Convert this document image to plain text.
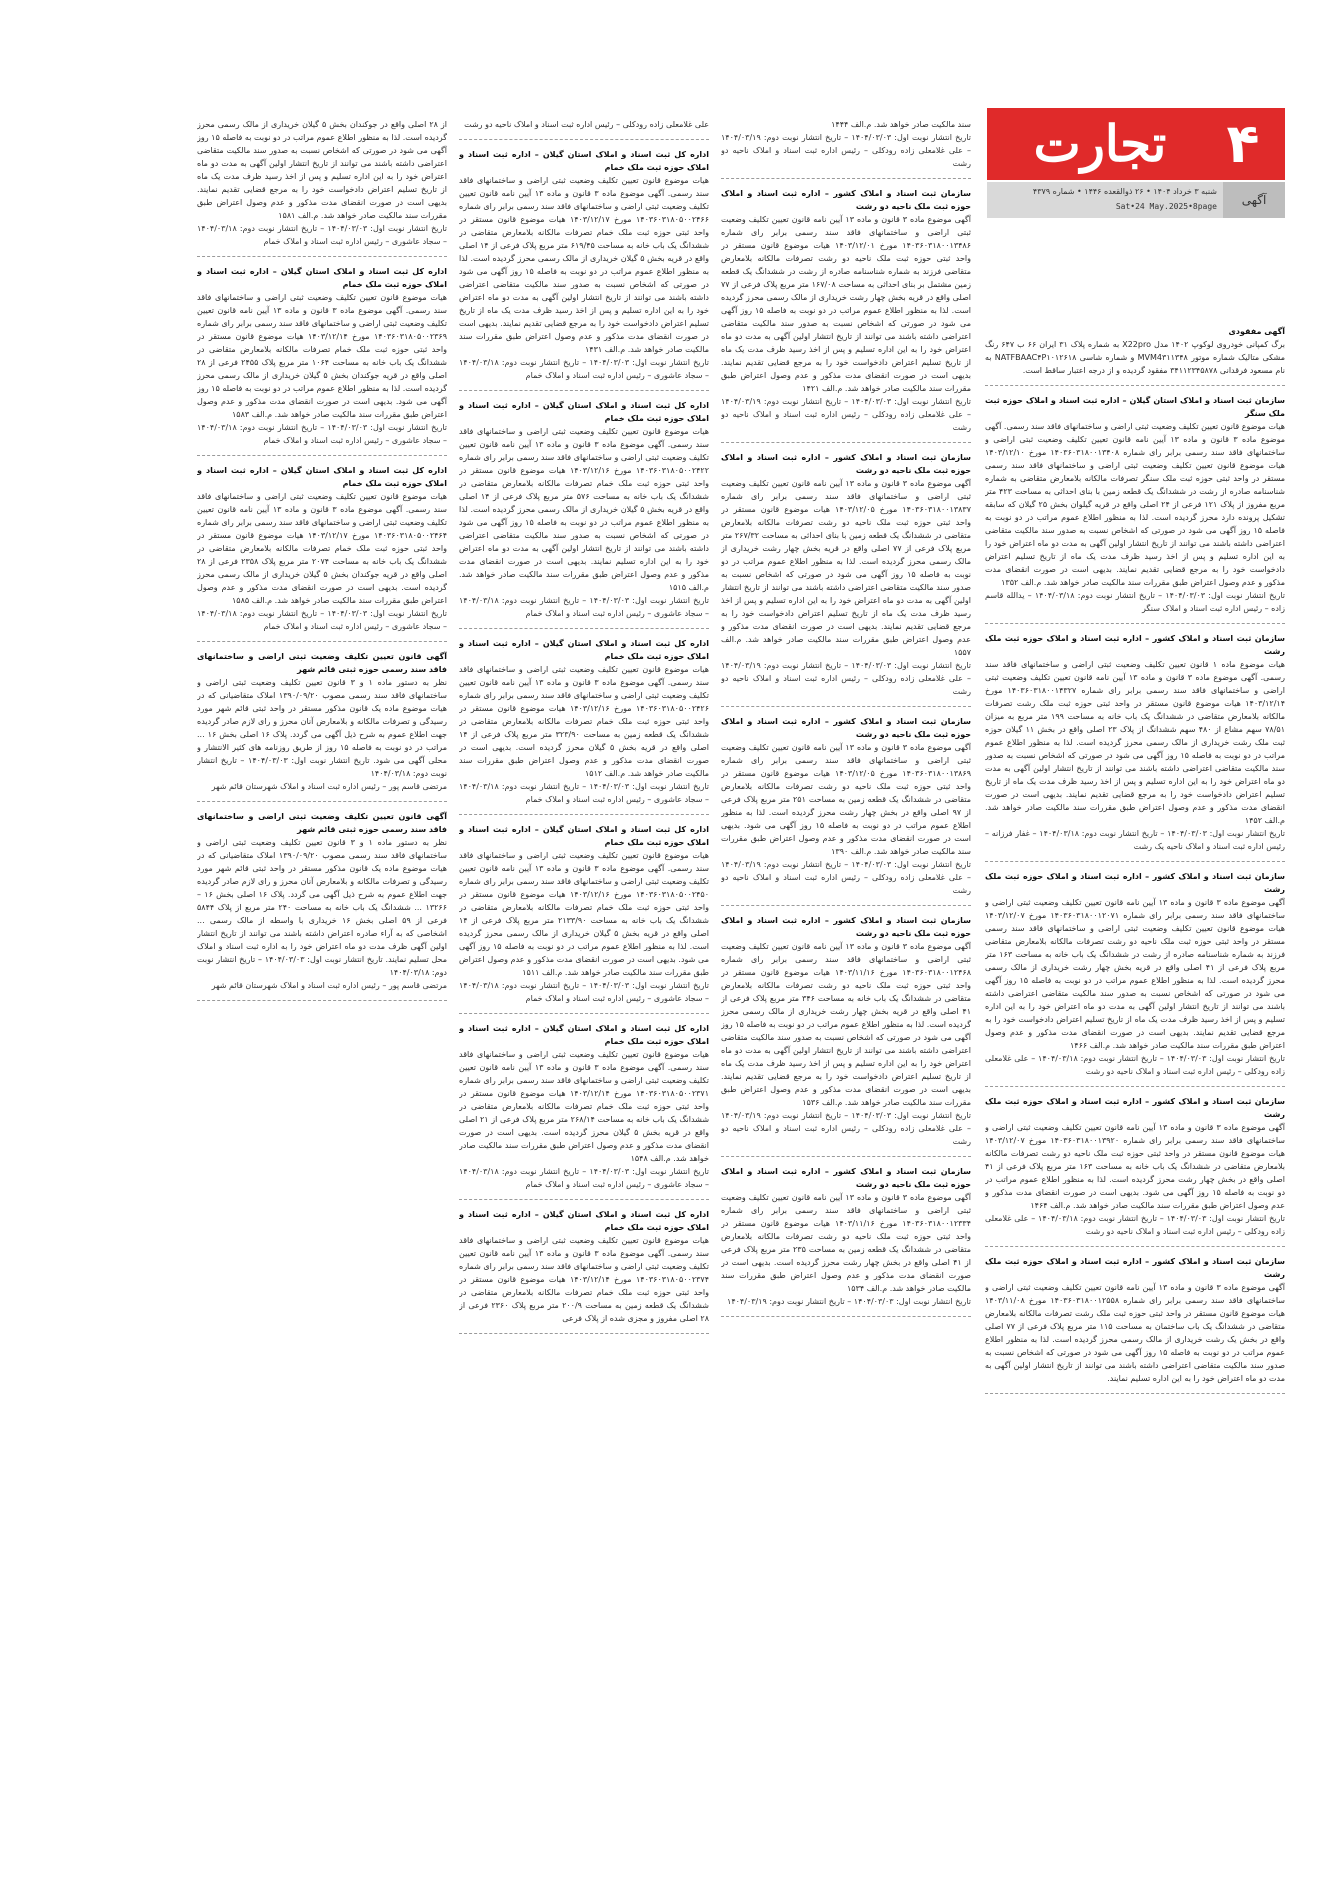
۴
تجارت
آگهی
شنبه ۳ خرداد ۱۴۰۴ • ۲۶ ذوالقعده ۱۴۴۶ • شماره ۴۳۷۹
Sat•24 May.2025•8page

آگهی مفقودی

برگ کمپانی خودروی لوکوپ ۱۴۰۲ مدل X22pro به شماره پلاک ۳۱ ایران ۶۶ ب ۶۴۷ رنگ مشکی متالیک شماره موتور MVM4۳۱۱۳۴۸ و شماره شاسی NATFBAAC۴P۱۰۱۲۶۱۸ به نام مسعود فرقدانی ۳۴۱۱۲۳۴۵۸۷۸ مفقود گردیده و از درجه اعتبار ساقط است.

سازمان ثبت اسناد و املاک استان گیلان – اداره ثبت اسناد و املاک حوزه ثبت ملک سنگر

هیات موضوع قانون تعیین تکلیف وضعیت ثبتی اراضی و ساختمانهای فاقد سند رسمی. آگهی موضوع ماده ۳ قانون و ماده ۱۳ آیین نامه قانون تعیین تکلیف وضعیت ثبتی اراضی و ساختمانهای فاقد سند رسمی برابر رای شماره ۱۴۰۳۶۰۳۱۸۰۰۱۳۴۰۸ مورخ ۱۴۰۳/۱۲/۱۰ هیات موضوع قانون تعیین تکلیف وضعیت ثبتی اراضی و ساختمانهای فاقد سند رسمی مستقر در واحد ثبتی حوزه ثبت ملک سنگر تصرفات مالکانه بلامعارض متقاضی به شماره شناسنامه صادره از رشت در ششدانگ یک قطعه زمین با بنای احداثی به مساحت ۴۲۳ متر مربع مفروز از پلاک ۱۲۱ فرعی از ۲۴ اصلی واقع در قریه گیلوان بخش ۲۵ گیلان که سابقه تشکیل پرونده دارد محرز گردیده است. لذا به منظور اطلاع عموم مراتب در دو نوبت به فاصله ۱۵ روز آگهی می شود در صورتی که اشخاص نسبت به صدور سند مالکیت متقاضی اعتراضی داشته باشند می توانند از تاریخ انتشار اولین آگهی به مدت دو ماه اعتراض خود را به این اداره تسلیم و پس از اخذ رسید ظرف مدت یک ماه از تاریخ تسلیم اعتراض دادخواست خود را به مرجع قضایی تقدیم نمایند. بدیهی است در صورت انقضای مدت مذکور و عدم وصول اعتراض طبق مقررات سند مالکیت صادر خواهد شد. م.الف ۱۳۵۲

تاریخ انتشار نوبت اول: ۱۴۰۴/۰۳/۰۳ – تاریخ انتشار نوبت دوم: ۱۴۰۴/۰۳/۱۸ – یدالله قاسم زاده – رئیس اداره ثبت اسناد و املاک سنگر

سازمان ثبت اسناد و املاک کشور – اداره ثبت اسناد و املاک حوزه ثبت ملک رشت

هیات موضوع ماده ۱ قانون تعیین تکلیف وضعیت ثبتی اراضی و ساختمانهای فاقد سند رسمی. آگهی موضوع ماده ۳ قانون و ماده ۱۳ آیین نامه قانون تعیین تکلیف وضعیت ثبتی اراضی و ساختمانهای فاقد سند رسمی برابر رای شماره ۱۴۰۳۶۰۳۱۸۰۰۱۴۳۲۷ مورخ ۱۴۰۳/۱۲/۱۴ هیات موضوع قانون مستقر در واحد ثبتی حوزه ثبت ملک رشت تصرفات مالکانه بلامعارض متقاضی در ششدانگ یک باب خانه به مساحت ۱۹۹ متر مربع به میزان ۷۸/۵۱ سهم مشاع از ۴۸۰ سهم ششدانگ از پلاک ۲۳ اصلی واقع در بخش ۱۱ گیلان حوزه ثبت ملک رشت خریداری از مالک رسمی محرز گردیده است. لذا به منظور اطلاع عموم مراتب در دو نوبت به فاصله ۱۵ روز آگهی می شود در صورتی که اشخاص نسبت به صدور سند مالکیت متقاضی اعتراضی داشته باشند می توانند از تاریخ انتشار اولین آگهی به مدت دو ماه اعتراض خود را به این اداره تسلیم و پس از اخذ رسید ظرف مدت یک ماه از تاریخ تسلیم اعتراض دادخواست خود را به مرجع قضایی تقدیم نمایند. بدیهی است در صورت انقضای مدت مذکور و عدم وصول اعتراض طبق مقررات سند مالکیت صادر خواهد شد. م.الف ۱۴۵۲

تاریخ انتشار نوبت اول: ۱۴۰۴/۰۳/۰۳ – تاریخ انتشار نوبت دوم: ۱۴۰۴/۰۳/۱۸ – غفار فرزانه – رئیس اداره ثبت اسناد و املاک ناحیه یک رشت

سازمان ثبت اسناد و املاک کشور – اداره ثبت اسناد و املاک حوزه ثبت ملک رشت

آگهی موضوع ماده ۳ قانون و ماده ۱۳ آیین نامه قانون تعیین تکلیف وضعیت ثبتی اراضی و ساختمانهای فاقد سند رسمی برابر رای شماره ۱۴۰۳۶۰۳۱۸۰۰۱۲۰۷۱ مورخ ۱۴۰۳/۱۲/۰۷ هیات موضوع قانون تعیین تکلیف وضعیت ثبتی اراضی و ساختمانهای فاقد سند رسمی مستقر در واحد ثبتی حوزه ثبت ملک ناحیه دو رشت تصرفات مالکانه بلامعارض متقاضی فرزند به شماره شناسنامه صادره از رشت در ششدانگ یک باب خانه به مساحت ۱۶۳ متر مربع پلاک فرعی از ۴۱ اصلی واقع در قریه بخش چهار رشت خریداری از مالک رسمی محرز گردیده است. لذا به منظور اطلاع عموم مراتب در دو نوبت به فاصله ۱۵ روز آگهی می شود در صورتی که اشخاص نسبت به صدور سند مالکیت متقاضی اعتراضی داشته باشند می توانند از تاریخ انتشار اولین آگهی به مدت دو ماه اعتراض خود را به این اداره تسلیم و پس از اخذ رسید ظرف مدت یک ماه از تاریخ تسلیم اعتراض دادخواست خود را به مرجع قضایی تقدیم نمایند. بدیهی است در صورت انقضای مدت مذکور و عدم وصول اعتراض طبق مقررات سند مالکیت صادر خواهد شد. م.الف ۱۴۶۶

تاریخ انتشار نوبت اول: ۱۴۰۴/۰۳/۰۳ – تاریخ انتشار نوبت دوم: ۱۴۰۴/۰۳/۱۸ – علی غلامعلی زاده رودکلی – رئیس اداره ثبت اسناد و املاک ناحیه دو رشت

سازمان ثبت اسناد و املاک کشور – اداره ثبت اسناد و املاک حوزه ثبت ملک رشت

آگهی موضوع ماده ۳ قانون و ماده ۱۳ آیین نامه قانون تعیین تکلیف وضعیت ثبتی اراضی و ساختمانهای فاقد سند رسمی برابر رای شماره ۱۴۰۳۶۰۳۱۸۰۰۱۳۹۲۰ مورخ ۱۴۰۳/۱۲/۰۷ هیات موضوع قانون مستقر در واحد ثبتی حوزه ثبت ملک ناحیه دو رشت تصرفات مالکانه بلامعارض متقاضی در ششدانگ یک باب خانه به مساحت ۱۶۳ متر مربع پلاک فرعی از ۴۱ اصلی واقع در بخش چهار رشت محرز گردیده است. لذا به منظور اطلاع عموم مراتب در دو نوبت به فاصله ۱۵ روز آگهی می شود. بدیهی است در صورت انقضای مدت مذکور و عدم وصول اعتراض طبق مقررات سند مالکیت صادر خواهد شد. م.الف ۱۴۶۴

تاریخ انتشار نوبت اول: ۱۴۰۴/۰۳/۰۳ – تاریخ انتشار نوبت دوم: ۱۴۰۴/۰۳/۱۸ – علی غلامعلی زاده رودکلی – رئیس اداره ثبت اسناد و املاک ناحیه دو رشت

سازمان ثبت اسناد و املاک کشور – اداره ثبت اسناد و املاک حوزه ثبت ملک رشت

آگهی موضوع ماده ۳ قانون و ماده ۱۳ آیین نامه قانون تعیین تکلیف وضعیت ثبتی اراضی و ساختمانهای فاقد سند رسمی برابر رای شماره ۱۴۰۳۶۰۳۱۸۰۰۱۲۵۵۸ مورخ ۱۴۰۳/۱۱/۰۸ هیات موضوع قانون مستقر در واحد ثبتی حوزه ثبت ملک رشت تصرفات مالکانه بلامعارض متقاضی در ششدانگ یک باب ساختمان به مساحت ۱۱۵ متر مربع پلاک فرعی از ۷۷ اصلی واقع در بخش یک رشت خریداری از مالک رسمی محرز گردیده است. لذا به منظور اطلاع عموم مراتب در دو نوبت به فاصله ۱۵ روز آگهی می شود در صورتی که اشخاص نسبت به صدور سند مالکیت متقاضی اعتراضی داشته باشند می توانند از تاریخ انتشار اولین آگهی به مدت دو ماه اعتراض خود را به این اداره تسلیم نمایند.

سند مالکیت صادر خواهد شد. م.الف ۱۴۴۴

تاریخ انتشار نوبت اول: ۱۴۰۴/۰۳/۰۳ – تاریخ انتشار نوبت دوم: ۱۴۰۴/۰۳/۱۹ – علی غلامعلی زاده رودکلی – رئیس اداره ثبت اسناد و املاک ناحیه دو رشت

سازمان ثبت اسناد و املاک کشور – اداره ثبت اسناد و املاک حوزه ثبت ملک ناحیه دو رشت

آگهی موضوع ماده ۳ قانون و ماده ۱۳ آیین نامه قانون تعیین تکلیف وضعیت ثبتی اراضی و ساختمانهای فاقد سند رسمی برابر رای شماره ۱۴۰۳۶۰۳۱۸۰۰۱۳۴۸۶ مورخ ۱۴۰۳/۱۲/۰۱ هیات موضوع قانون مستقر در واحد ثبتی حوزه ثبت ملک ناحیه دو رشت تصرفات مالکانه بلامعارض متقاضی فرزند به شماره شناسنامه صادره از رشت در ششدانگ یک قطعه زمین مشتمل بر بنای احداثی به مساحت ۱۶۷/۰۸ متر مربع پلاک فرعی از ۷۷ اصلی واقع در قریه بخش چهار رشت خریداری از مالک رسمی محرز گردیده است. لذا به منظور اطلاع عموم مراتب در دو نوبت به فاصله ۱۵ روز آگهی می شود در صورتی که اشخاص نسبت به صدور سند مالکیت متقاضی اعتراضی داشته باشند می توانند از تاریخ انتشار اولین آگهی به مدت دو ماه اعتراض خود را به این اداره تسلیم و پس از اخذ رسید ظرف مدت یک ماه از تاریخ تسلیم اعتراض دادخواست خود را به مرجع قضایی تقدیم نمایند. بدیهی است در صورت انقضای مدت مذکور و عدم وصول اعتراض طبق مقررات سند مالکیت صادر خواهد شد. م.الف ۱۴۲۱

تاریخ انتشار نوبت اول: ۱۴۰۴/۰۳/۰۳ – تاریخ انتشار نوبت دوم: ۱۴۰۴/۰۳/۱۹ – علی غلامعلی زاده رودکلی – رئیس اداره ثبت اسناد و املاک ناحیه دو رشت

سازمان ثبت اسناد و املاک کشور – اداره ثبت اسناد و املاک حوزه ثبت ملک ناحیه دو رشت

آگهی موضوع ماده ۳ قانون و ماده ۱۳ آیین نامه قانون تعیین تکلیف وضعیت ثبتی اراضی و ساختمانهای فاقد سند رسمی برابر رای شماره ۱۴۰۳۶۰۳۱۸۰۰۱۳۸۳۷ مورخ ۱۴۰۳/۱۲/۰۵ هیات موضوع قانون مستقر در واحد ثبتی حوزه ثبت ملک ناحیه دو رشت تصرفات مالکانه بلامعارض متقاضی در ششدانگ یک قطعه زمین با بنای احداثی به مساحت ۲۶۷/۳۲ متر مربع پلاک فرعی از ۷۷ اصلی واقع در قریه بخش چهار رشت خریداری از مالک رسمی محرز گردیده است. لذا به منظور اطلاع عموم مراتب در دو نوبت به فاصله ۱۵ روز آگهی می شود در صورتی که اشخاص نسبت به صدور سند مالکیت متقاضی اعتراضی داشته باشند می توانند از تاریخ انتشار اولین آگهی به مدت دو ماه اعتراض خود را به این اداره تسلیم و پس از اخذ رسید ظرف مدت یک ماه از تاریخ تسلیم اعتراض دادخواست خود را به مرجع قضایی تقدیم نمایند. بدیهی است در صورت انقضای مدت مذکور و عدم وصول اعتراض طبق مقررات سند مالکیت صادر خواهد شد. م.الف ۱۵۵۷

تاریخ انتشار نوبت اول: ۱۴۰۴/۰۳/۰۳ – تاریخ انتشار نوبت دوم: ۱۴۰۴/۰۳/۱۹ – علی غلامعلی زاده رودکلی – رئیس اداره ثبت اسناد و املاک ناحیه دو رشت

سازمان ثبت اسناد و املاک کشور – اداره ثبت اسناد و املاک حوزه ثبت ملک ناحیه دو رشت

آگهی موضوع ماده ۳ قانون و ماده ۱۳ آیین نامه قانون تعیین تکلیف وضعیت ثبتی اراضی و ساختمانهای فاقد سند رسمی برابر رای شماره ۱۴۰۳۶۰۳۱۸۰۰۱۳۸۶۹ مورخ ۱۴۰۳/۱۲/۰۵ هیات موضوع قانون مستقر در واحد ثبتی حوزه ثبت ملک ناحیه دو رشت تصرفات مالکانه بلامعارض متقاضی در ششدانگ یک قطعه زمین به مساحت ۲۵۱ متر مربع پلاک فرعی از ۹۷ اصلی واقع در بخش چهار رشت محرز گردیده است. لذا به منظور اطلاع عموم مراتب در دو نوبت به فاصله ۱۵ روز آگهی می شود. بدیهی است در صورت انقضای مدت مذکور و عدم وصول اعتراض طبق مقررات سند مالکیت صادر خواهد شد. م.الف ۱۳۹۰

تاریخ انتشار نوبت اول: ۱۴۰۴/۰۳/۰۳ – تاریخ انتشار نوبت دوم: ۱۴۰۴/۰۳/۱۹ – علی غلامعلی زاده رودکلی – رئیس اداره ثبت اسناد و املاک ناحیه دو رشت

سازمان ثبت اسناد و املاک کشور – اداره ثبت اسناد و املاک حوزه ثبت ملک ناحیه دو رشت

آگهی موضوع ماده ۳ قانون و ماده ۱۳ آیین نامه قانون تعیین تکلیف وضعیت ثبتی اراضی و ساختمانهای فاقد سند رسمی برابر رای شماره ۱۴۰۳۶۰۳۱۸۰۰۱۲۴۶۸ مورخ ۱۴۰۳/۱۱/۱۶ هیات موضوع قانون مستقر در واحد ثبتی حوزه ثبت ملک ناحیه دو رشت تصرفات مالکانه بلامعارض متقاضی در ششدانگ یک باب خانه به مساحت ۳۴۶ متر مربع پلاک فرعی از ۴۱ اصلی واقع در قریه بخش چهار رشت خریداری از مالک رسمی محرز گردیده است. لذا به منظور اطلاع عموم مراتب در دو نوبت به فاصله ۱۵ روز آگهی می شود در صورتی که اشخاص نسبت به صدور سند مالکیت متقاضی اعتراضی داشته باشند می توانند از تاریخ انتشار اولین آگهی به مدت دو ماه اعتراض خود را به این اداره تسلیم و پس از اخذ رسید ظرف مدت یک ماه از تاریخ تسلیم اعتراض دادخواست خود را به مرجع قضایی تقدیم نمایند. بدیهی است در صورت انقضای مدت مذکور و عدم وصول اعتراض طبق مقررات سند مالکیت صادر خواهد شد. م.الف ۱۵۳۶

تاریخ انتشار نوبت اول: ۱۴۰۴/۰۳/۰۳ – تاریخ انتشار نوبت دوم: ۱۴۰۴/۰۳/۱۹ – علی غلامعلی زاده رودکلی – رئیس اداره ثبت اسناد و املاک ناحیه دو رشت

سازمان ثبت اسناد و املاک کشور – اداره ثبت اسناد و املاک حوزه ثبت ملک ناحیه دو رشت

آگهی موضوع ماده ۳ قانون و ماده ۱۳ آیین نامه قانون تعیین تکلیف وضعیت ثبتی اراضی و ساختمانهای فاقد سند رسمی برابر رای شماره ۱۴۰۳۶۰۳۱۸۰۰۱۲۳۳۴ مورخ ۱۴۰۳/۱۱/۱۶ هیات موضوع قانون مستقر در واحد ثبتی حوزه ثبت ملک ناحیه دو رشت تصرفات مالکانه بلامعارض متقاضی در ششدانگ یک قطعه زمین به مساحت ۲۳۵ متر مربع پلاک فرعی از ۴۱ اصلی واقع در بخش چهار رشت محرز گردیده است. بدیهی است در صورت انقضای مدت مذکور و عدم وصول اعتراض طبق مقررات سند مالکیت صادر خواهد شد. م.الف ۱۵۳۴

تاریخ انتشار نوبت اول: ۱۴۰۴/۰۳/۰۳ – تاریخ انتشار نوبت دوم: ۱۴۰۴/۰۳/۱۹

علی غلامعلی زاده رودکلی – رئیس اداره ثبت اسناد و املاک ناحیه دو رشت

اداره کل ثبت اسناد و املاک استان گیلان – اداره ثبت اسناد و املاک حوزه ثبت ملک خمام

هیات موضوع قانون تعیین تکلیف وضعیت ثبتی اراضی و ساختمانهای فاقد سند رسمی. آگهی موضوع ماده ۳ قانون و ماده ۱۳ آیین نامه قانون تعیین تکلیف وضعیت ثبتی اراضی و ساختمانهای فاقد سند رسمی برابر رای شماره ۱۴۰۳۶۰۳۱۸۰۵۰۰۲۴۶۶ مورخ ۱۴۰۳/۱۲/۱۷ هیات موضوع قانون مستقر در واحد ثبتی حوزه ثبت ملک خمام تصرفات مالکانه بلامعارض متقاضی در ششدانگ یک باب خانه به مساحت ۶۱۹/۴۵ متر مربع پلاک فرعی از ۱۴ اصلی واقع در قریه بخش ۵ گیلان خریداری از مالک رسمی محرز گردیده است. لذا به منظور اطلاع عموم مراتب در دو نوبت به فاصله ۱۵ روز آگهی می شود در صورتی که اشخاص نسبت به صدور سند مالکیت متقاضی اعتراضی داشته باشند می توانند از تاریخ انتشار اولین آگهی به مدت دو ماه اعتراض خود را به این اداره تسلیم و پس از اخذ رسید ظرف مدت یک ماه از تاریخ تسلیم اعتراض دادخواست خود را به مرجع قضایی تقدیم نمایند. بدیهی است در صورت انقضای مدت مذکور و عدم وصول اعتراض طبق مقررات سند مالکیت صادر خواهد شد. م.الف ۱۴۳۱

تاریخ انتشار نوبت اول: ۱۴۰۴/۰۳/۰۳ – تاریخ انتشار نوبت دوم: ۱۴۰۴/۰۳/۱۸ – سجاد عاشوری – رئیس اداره ثبت اسناد و املاک خمام

اداره کل ثبت اسناد و املاک استان گیلان – اداره ثبت اسناد و املاک حوزه ثبت ملک خمام

هیات موضوع قانون تعیین تکلیف وضعیت ثبتی اراضی و ساختمانهای فاقد سند رسمی. آگهی موضوع ماده ۳ قانون و ماده ۱۳ آیین نامه قانون تعیین تکلیف وضعیت ثبتی اراضی و ساختمانهای فاقد سند رسمی برابر رای شماره ۱۴۰۳۶۰۳۱۸۰۵۰۰۲۴۲۲ مورخ ۱۴۰۳/۱۲/۱۶ هیات موضوع قانون مستقر در واحد ثبتی حوزه ثبت ملک خمام تصرفات مالکانه بلامعارض متقاضی در ششدانگ یک باب خانه به مساحت ۵۷۶ متر مربع پلاک فرعی از ۱۴ اصلی واقع در قریه بخش ۵ گیلان خریداری از مالک رسمی محرز گردیده است. لذا به منظور اطلاع عموم مراتب در دو نوبت به فاصله ۱۵ روز آگهی می شود در صورتی که اشخاص نسبت به صدور سند مالکیت متقاضی اعتراضی داشته باشند می توانند از تاریخ انتشار اولین آگهی به مدت دو ماه اعتراض خود را به این اداره تسلیم نمایند. بدیهی است در صورت انقضای مدت مذکور و عدم وصول اعتراض طبق مقررات سند مالکیت صادر خواهد شد. م.الف ۱۵۱۵

تاریخ انتشار نوبت اول: ۱۴۰۴/۰۳/۰۳ – تاریخ انتشار نوبت دوم: ۱۴۰۴/۰۳/۱۸ – سجاد عاشوری – رئیس اداره ثبت اسناد و املاک خمام

اداره کل ثبت اسناد و املاک استان گیلان – اداره ثبت اسناد و املاک حوزه ثبت ملک خمام

هیات موضوع قانون تعیین تکلیف وضعیت ثبتی اراضی و ساختمانهای فاقد سند رسمی. آگهی موضوع ماده ۳ قانون و ماده ۱۳ آیین نامه قانون تعیین تکلیف وضعیت ثبتی اراضی و ساختمانهای فاقد سند رسمی برابر رای شماره ۱۴۰۳۶۰۳۱۸۰۵۰۰۲۴۲۶ مورخ ۱۴۰۳/۱۲/۱۶ هیات موضوع قانون مستقر در واحد ثبتی حوزه ثبت ملک خمام تصرفات مالکانه بلامعارض متقاضی در ششدانگ یک قطعه زمین به مساحت ۳۲۳/۹۰ متر مربع پلاک فرعی از ۱۴ اصلی واقع در قریه بخش ۵ گیلان محرز گردیده است. بدیهی است در صورت انقضای مدت مذکور و عدم وصول اعتراض طبق مقررات سند مالکیت صادر خواهد شد. م.الف ۱۵۱۲

تاریخ انتشار نوبت اول: ۱۴۰۴/۰۳/۰۳ – تاریخ انتشار نوبت دوم: ۱۴۰۴/۰۳/۱۸ – سجاد عاشوری – رئیس اداره ثبت اسناد و املاک خمام

اداره کل ثبت اسناد و املاک استان گیلان – اداره ثبت اسناد و املاک حوزه ثبت ملک خمام

هیات موضوع قانون تعیین تکلیف وضعیت ثبتی اراضی و ساختمانهای فاقد سند رسمی. آگهی موضوع ماده ۳ قانون و ماده ۱۳ آیین نامه قانون تعیین تکلیف وضعیت ثبتی اراضی و ساختمانهای فاقد سند رسمی برابر رای شماره ۱۴۰۳۶۰۳۱۸۰۵۰۰۲۴۵۰ مورخ ۱۴۰۳/۱۲/۱۶ هیات موضوع قانون مستقر در واحد ثبتی حوزه ثبت ملک خمام تصرفات مالکانه بلامعارض متقاضی در ششدانگ یک باب خانه به مساحت ۲۱۳۳/۹۰ متر مربع پلاک فرعی از ۱۴ اصلی واقع در قریه بخش ۵ گیلان خریداری از مالک رسمی محرز گردیده است. لذا به منظور اطلاع عموم مراتب در دو نوبت به فاصله ۱۵ روز آگهی می شود. بدیهی است در صورت انقضای مدت مذکور و عدم وصول اعتراض طبق مقررات سند مالکیت صادر خواهد شد. م.الف ۱۵۱۱

تاریخ انتشار نوبت اول: ۱۴۰۴/۰۳/۰۳ – تاریخ انتشار نوبت دوم: ۱۴۰۴/۰۳/۱۸ – سجاد عاشوری – رئیس اداره ثبت اسناد و املاک خمام

اداره کل ثبت اسناد و املاک استان گیلان – اداره ثبت اسناد و املاک حوزه ثبت ملک خمام

هیات موضوع قانون تعیین تکلیف وضعیت ثبتی اراضی و ساختمانهای فاقد سند رسمی. آگهی موضوع ماده ۳ قانون و ماده ۱۳ آیین نامه قانون تعیین تکلیف وضعیت ثبتی اراضی و ساختمانهای فاقد سند رسمی برابر رای شماره ۱۴۰۳۶۰۳۱۸۰۵۰۰۲۳۷۱ مورخ ۱۴۰۳/۱۲/۱۴ هیات موضوع قانون مستقر در واحد ثبتی حوزه ثبت ملک خمام تصرفات مالکانه بلامعارض متقاضی در ششدانگ یک باب خانه به مساحت ۲۶۸/۱۴ متر مربع پلاک فرعی از ۲۱ اصلی واقع در قریه بخش ۵ گیلان محرز گردیده است. بدیهی است در صورت انقضای مدت مذکور و عدم وصول اعتراض طبق مقررات سند مالکیت صادر خواهد شد. م.الف ۱۵۴۸

تاریخ انتشار نوبت اول: ۱۴۰۴/۰۳/۰۳ – تاریخ انتشار نوبت دوم: ۱۴۰۴/۰۳/۱۸ – سجاد عاشوری – رئیس اداره ثبت اسناد و املاک خمام

اداره کل ثبت اسناد و املاک استان گیلان – اداره ثبت اسناد و املاک حوزه ثبت ملک خمام

هیات موضوع قانون تعیین تکلیف وضعیت ثبتی اراضی و ساختمانهای فاقد سند رسمی. آگهی موضوع ماده ۳ قانون و ماده ۱۳ آیین نامه قانون تعیین تکلیف وضعیت ثبتی اراضی و ساختمانهای فاقد سند رسمی برابر رای شماره ۱۴۰۳۶۰۳۱۸۰۵۰۰۲۳۷۴ مورخ ۱۴۰۳/۱۲/۱۴ هیات موضوع قانون مستقر در واحد ثبتی حوزه ثبت ملک خمام تصرفات مالکانه بلامعارض متقاضی در ششدانگ یک قطعه زمین به مساحت ۲۰۰/۹ متر مربع پلاک ۲۳۶۰ فرعی از ۲۸ اصلی مفروز و مجزی شده از پلاک فرعی

از ۲۸ اصلی واقع در جوکندان بخش ۵ گیلان خریداری از مالک رسمی محرز گردیده است. لذا به منظور اطلاع عموم مراتب در دو نوبت به فاصله ۱۵ روز آگهی می شود در صورتی که اشخاص نسبت به صدور سند مالکیت متقاضی اعتراضی داشته باشند می توانند از تاریخ انتشار اولین آگهی به مدت دو ماه اعتراض خود را به این اداره تسلیم و پس از اخذ رسید ظرف مدت یک ماه از تاریخ تسلیم اعتراض دادخواست خود را به مرجع قضایی تقدیم نمایند. بدیهی است در صورت انقضای مدت مذکور و عدم وصول اعتراض طبق مقررات سند مالکیت صادر خواهد شد. م.الف ۱۵۸۱

تاریخ انتشار نوبت اول: ۱۴۰۴/۰۳/۰۳ – تاریخ انتشار نوبت دوم: ۱۴۰۴/۰۳/۱۸ – سجاد عاشوری – رئیس اداره ثبت اسناد و املاک خمام

اداره کل ثبت اسناد و املاک استان گیلان – اداره ثبت اسناد و املاک حوزه ثبت ملک خمام

هیات موضوع قانون تعیین تکلیف وضعیت ثبتی اراضی و ساختمانهای فاقد سند رسمی. آگهی موضوع ماده ۳ قانون و ماده ۱۳ آیین نامه قانون تعیین تکلیف وضعیت ثبتی اراضی و ساختمانهای فاقد سند رسمی برابر رای شماره ۱۴۰۳۶۰۳۱۸۰۵۰۰۲۳۶۹ مورخ ۱۴۰۳/۱۲/۱۴ هیات موضوع قانون مستقر در واحد ثبتی حوزه ثبت ملک خمام تصرفات مالکانه بلامعارض متقاضی در ششدانگ یک باب خانه به مساحت ۱۰۶۴ متر مربع پلاک ۲۴۵۵ فرعی از ۲۸ اصلی واقع در قریه جوکندان بخش ۵ گیلان خریداری از مالک رسمی محرز گردیده است. لذا به منظور اطلاع عموم مراتب در دو نوبت به فاصله ۱۵ روز آگهی می شود. بدیهی است در صورت انقضای مدت مذکور و عدم وصول اعتراض طبق مقررات سند مالکیت صادر خواهد شد. م.الف ۱۵۸۳

تاریخ انتشار نوبت اول: ۱۴۰۴/۰۳/۰۳ – تاریخ انتشار نوبت دوم: ۱۴۰۴/۰۳/۱۸ – سجاد عاشوری – رئیس اداره ثبت اسناد و املاک خمام

اداره کل ثبت اسناد و املاک استان گیلان – اداره ثبت اسناد و املاک حوزه ثبت ملک خمام

هیات موضوع قانون تعیین تکلیف وضعیت ثبتی اراضی و ساختمانهای فاقد سند رسمی. آگهی موضوع ماده ۳ قانون و ماده ۱۳ آیین نامه قانون تعیین تکلیف وضعیت ثبتی اراضی و ساختمانهای فاقد سند رسمی برابر رای شماره ۱۴۰۳۶۰۳۱۸۰۵۰۰۲۴۶۴ مورخ ۱۴۰۳/۱۲/۱۷ هیات موضوع قانون مستقر در واحد ثبتی حوزه ثبت ملک خمام تصرفات مالکانه بلامعارض متقاضی در ششدانگ یک باب خانه به مساحت ۲۰۷۴ متر مربع پلاک ۲۳۵۸ فرعی از ۲۸ اصلی واقع در قریه جوکندان بخش ۵ گیلان خریداری از مالک رسمی محرز گردیده است. بدیهی است در صورت انقضای مدت مذکور و عدم وصول اعتراض طبق مقررات سند مالکیت صادر خواهد شد. م.الف ۱۵۸۵

تاریخ انتشار نوبت اول: ۱۴۰۴/۰۳/۰۳ – تاریخ انتشار نوبت دوم: ۱۴۰۴/۰۳/۱۸ – سجاد عاشوری – رئیس اداره ثبت اسناد و املاک خمام

آگهی قانون تعیین تکلیف وضعیت ثبتی اراضی و ساختمانهای فاقد سند رسمی حوزه ثبتی قائم شهر

نظر به دستور ماده ۱ و ۳ قانون تعیین تکلیف وضعیت ثبتی اراضی و ساختمانهای فاقد سند رسمی مصوب ۱۳۹۰/۰۹/۲۰ املاک متقاضیانی که در هیات موضوع ماده یک قانون مذکور مستقر در واحد ثبتی قائم شهر مورد رسیدگی و تصرفات مالکانه و بلامعارض آنان محرز و رای لازم صادر گردیده جهت اطلاع عموم به شرح ذیل آگهی می گردد. پلاک ۱۶ اصلی بخش ۱۶ ... مراتب در دو نوبت به فاصله ۱۵ روز از طریق روزنامه های کثیر الانتشار و محلی آگهی می شود. تاریخ انتشار نوبت اول: ۱۴۰۴/۰۳/۰۳ – تاریخ انتشار نوبت دوم: ۱۴۰۴/۰۳/۱۸

مرتضی قاسم پور – رئیس اداره ثبت اسناد و املاک شهرستان قائم شهر

آگهی قانون تعیین تکلیف وضعیت ثبتی اراضی و ساختمانهای فاقد سند رسمی حوزه ثبتی قائم شهر

نظر به دستور ماده ۱ و ۳ قانون تعیین تکلیف وضعیت ثبتی اراضی و ساختمانهای فاقد سند رسمی مصوب ۱۳۹۰/۰۹/۲۰ املاک متقاضیانی که در هیات موضوع ماده یک قانون مذکور مستقر در واحد ثبتی قائم شهر مورد رسیدگی و تصرفات مالکانه و بلامعارض آنان محرز و رای لازم صادر گردیده جهت اطلاع عموم به شرح ذیل آگهی می گردد. پلاک ۱۶ اصلی بخش ۱۶ – ۱۳۲۶۶ ... ششدانگ یک باب خانه به مساحت ۲۴۰ متر مربع از پلاک ۵۸۴۴ فرعی از ۵۹ اصلی بخش ۱۶ خریداری با واسطه از مالک رسمی ... اشخاصی که به آراء صادره اعتراض داشته باشند می توانند از تاریخ انتشار اولین آگهی ظرف مدت دو ماه اعتراض خود را به اداره ثبت اسناد و املاک محل تسلیم نمایند. تاریخ انتشار نوبت اول: ۱۴۰۴/۰۳/۰۳ – تاریخ انتشار نوبت دوم: ۱۴۰۴/۰۳/۱۸

مرتضی قاسم پور – رئیس اداره ثبت اسناد و املاک شهرستان قائم شهر
